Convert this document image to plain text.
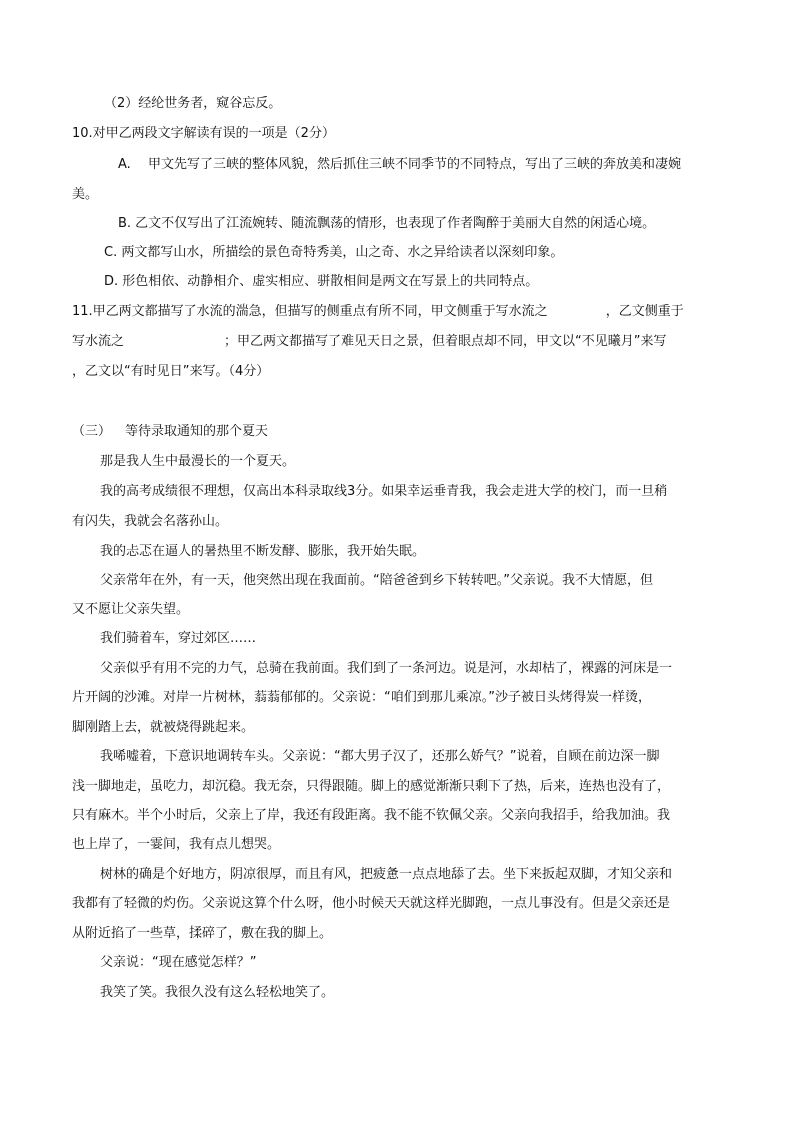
（2）经纶世务者，窥谷忘反。
10.对甲乙两段文字解读有误的一项是（2分）
A. 甲文先写了三峡的整体风貌，然后抓住三峡不同季节的不同特点，写出了三峡的奔放美和凄婉
美。
B. 乙文不仅写出了江流婉转、随流飘荡的情形，也表现了作者陶醉于美丽大自然的闲适心境。
C. 两文都写山水，所描绘的景色奇特秀美，山之奇、水之异给读者以深刻印象。
D. 形色相依、动静相介、虚实相应、骈散相间是两文在写景上的共同特点。
11.甲乙两文都描写了水流的湍急，但描写的侧重点有所不同，甲文侧重于写水流之	，乙文侧重于
写水流之	；甲乙两文都描写了难见天日之景，但着眼点却不同，甲文以“不见曦月”来写
，乙文以“有时见日”来写。（4分）
（三） 等待录取通知的那个夏天
那是我人生中最漫长的一个夏天。
我的高考成绩很不理想，仅高出本科录取线3分。如果幸运垂青我，我会走进大学的校门，而一旦稍
有闪失，我就会名落孙山。
我的忐忑在逼人的暑热里不断发酵、膨胀，我开始失眠。
父亲常年在外，有一天，他突然出现在我面前。“陪爸爸到乡下转转吧。”父亲说。我不大情愿，但
又不愿让父亲失望。
我们骑着车，穿过郊区……
父亲似乎有用不完的力气，总骑在我前面。我们到了一条河边。说是河，水却枯了，裸露的河床是一
片开阔的沙滩。对岸一片树林，蓊蓊郁郁的。父亲说：“咱们到那儿乘凉。”沙子被日头烤得炭一样烫，
脚刚踏上去，就被烧得跳起来。
我唏嘘着，下意识地调转车头。父亲说：“都大男子汉了，还那么娇气？”说着，自顾在前边深一脚
浅一脚地走，虽吃力，却沉稳。我无奈，只得跟随。脚上的感觉渐渐只剩下了热，后来，连热也没有了，
只有麻木。半个小时后，父亲上了岸，我还有段距离。我不能不钦佩父亲。父亲向我招手，给我加油。我
也上岸了，一霎间，我有点儿想哭。
树林的确是个好地方，阴凉很厚，而且有风，把疲惫一点点地舔了去。坐下来扳起双脚，才知父亲和
我都有了轻微的灼伤。父亲说这算个什么呀，他小时候天天就这样光脚跑，一点儿事没有。但是父亲还是
从附近掐了一些草，揉碎了，敷在我的脚上。
父亲说：“现在感觉怎样？”
我笑了笑。我很久没有这么轻松地笑了。
